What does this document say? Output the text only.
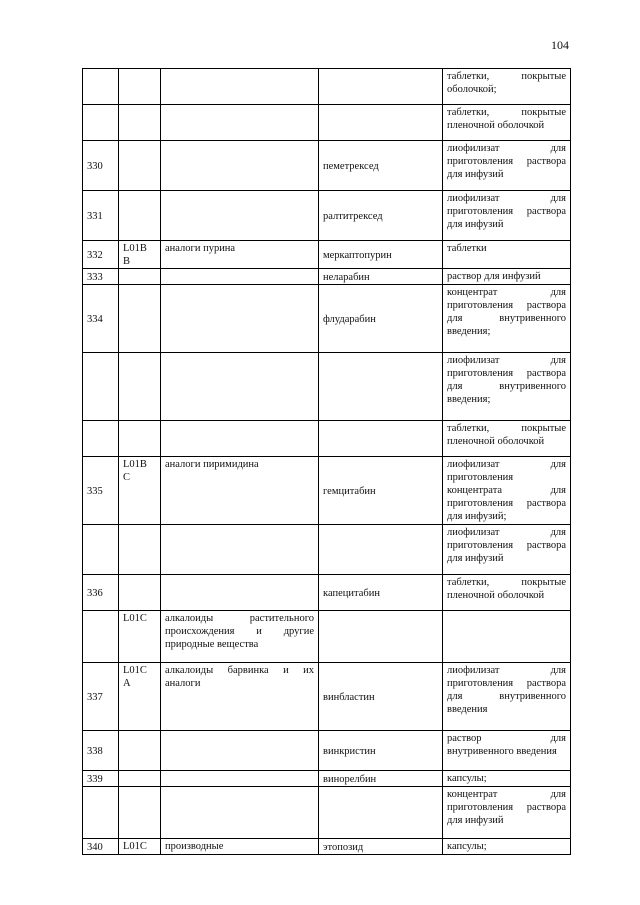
104

				таблетки, покрытые оболочкой;

				таблетки, покрытые пленочной оболочкой

330			пеметрексед	лиофилизат для приготовления раствора для инфузий

331			ралтитрексед	лиофилизат для приготовления раствора для инфузий

332	L01B B	аналоги пурина	меркаптопурин	таблетки

333			неларабин	раствор для инфузий

334			флударабин	концентрат для приготовления раствора для внутривенного введения;

				лиофилизат для приготовления раствора для внутривенного введения;

				таблетки, покрытые пленочной оболочкой

335	L01B C	аналоги пиримидина	гемцитабин	лиофилизат для приготовления концентрата для приготовления раствора для инфузий;

				лиофилизат для приготовления раствора для инфузий

336			капецитабин	таблетки, покрытые пленочной оболочкой

	L01C	алкалоиды растительного происхождения и другие природные вещества		

337	L01C A	алкалоиды барвинка и их аналоги	винбластин	лиофилизат для приготовления раствора для внутривенного введения

338			винкристин	раствор для внутривенного введения

339			винорелбин	капсулы;

				концентрат для приготовления раствора для инфузий

340	L01C	производные	этопозид	капсулы;
